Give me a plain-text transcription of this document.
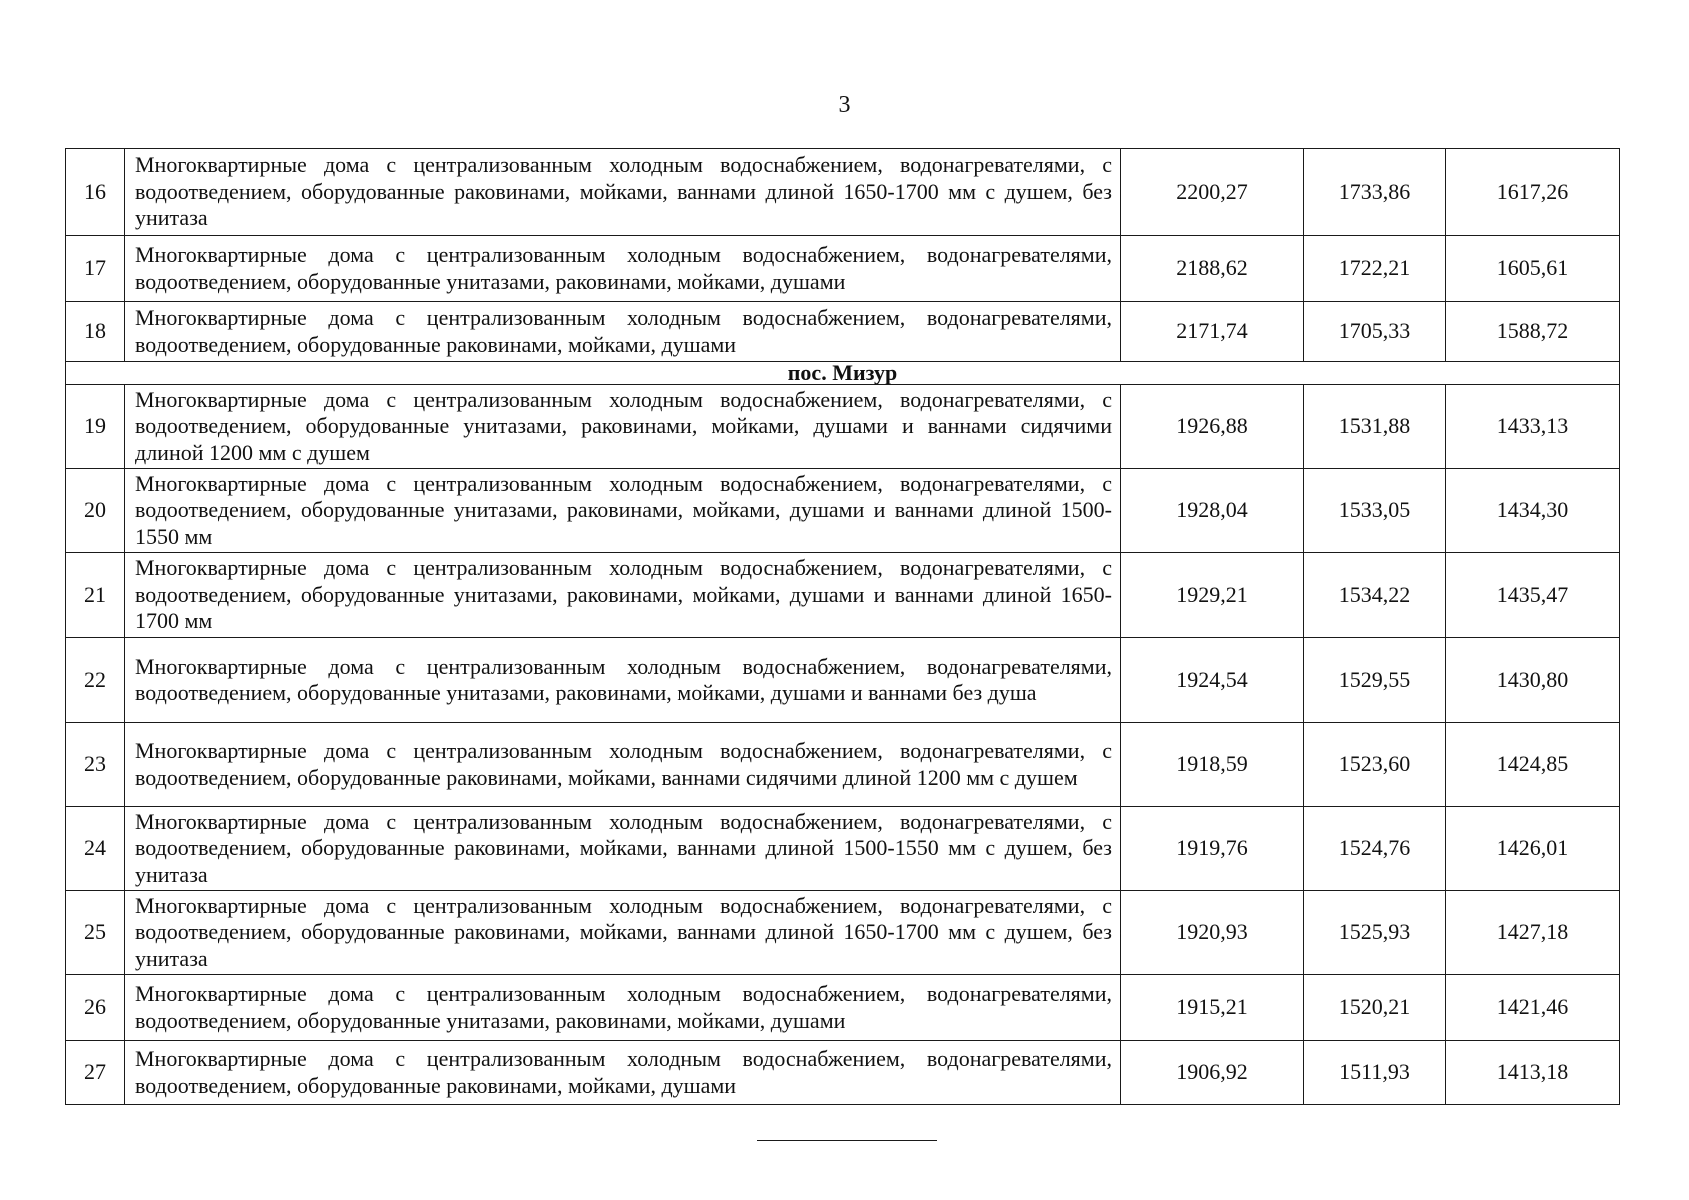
3
16	Многоквартирные дома с централизованным холодным водоснабжением, водонагревателями, с водоотведением, оборудованные раковинами, мойками, ваннами длиной 1650-1700 мм с душем, без унитаза	2200,27	1733,86	1617,26
17	Многоквартирные дома с централизованным холодным водоснабжением, водонагревателями, водоотведением, оборудованные унитазами, раковинами, мойками, душами	2188,62	1722,21	1605,61
18	Многоквартирные дома с централизованным холодным водоснабжением, водонагревателями, водоотведением, оборудованные раковинами, мойками, душами	2171,74	1705,33	1588,72
пос. Мизур				
19	Многоквартирные дома с централизованным холодным водоснабжением, водонагревателями, с водоотведением, оборудованные унитазами, раковинами, мойками, душами и ваннами сидячими длиной 1200 мм с душем	1926,88	1531,88	1433,13
20	Многоквартирные дома с централизованным холодным водоснабжением, водонагревателями, с водоотведением, оборудованные унитазами, раковинами, мойками, душами и ваннами длиной 1500-1550 мм	1928,04	1533,05	1434,30
21	Многоквартирные дома с централизованным холодным водоснабжением, водонагревателями, с водоотведением, оборудованные унитазами, раковинами, мойками, душами и ваннами длиной 1650-1700 мм	1929,21	1534,22	1435,47
22	Многоквартирные дома с централизованным холодным водоснабжением, водонагревателями, водоотведением, оборудованные унитазами, раковинами, мойками, душами и ваннами без душа	1924,54	1529,55	1430,80
23	Многоквартирные дома с централизованным холодным водоснабжением, водонагревателями, с водоотведением, оборудованные раковинами, мойками, ваннами сидячими длиной 1200 мм с душем	1918,59	1523,60	1424,85
24	Многоквартирные дома с централизованным холодным водоснабжением, водонагревателями, с водоотведением, оборудованные раковинами, мойками, ваннами длиной 1500-1550 мм с душем, без унитаза	1919,76	1524,76	1426,01
25	Многоквартирные дома с централизованным холодным водоснабжением, водонагревателями, с водоотведением, оборудованные раковинами, мойками, ваннами длиной 1650-1700 мм с душем, без унитаза	1920,93	1525,93	1427,18
26	Многоквартирные дома с централизованным холодным водоснабжением, водонагревателями, водоотведением, оборудованные унитазами, раковинами, мойками, душами	1915,21	1520,21	1421,46
27	Многоквартирные дома с централизованным холодным водоснабжением, водонагревателями, водоотведением, оборудованные раковинами, мойками, душами	1906,92	1511,93	1413,18
